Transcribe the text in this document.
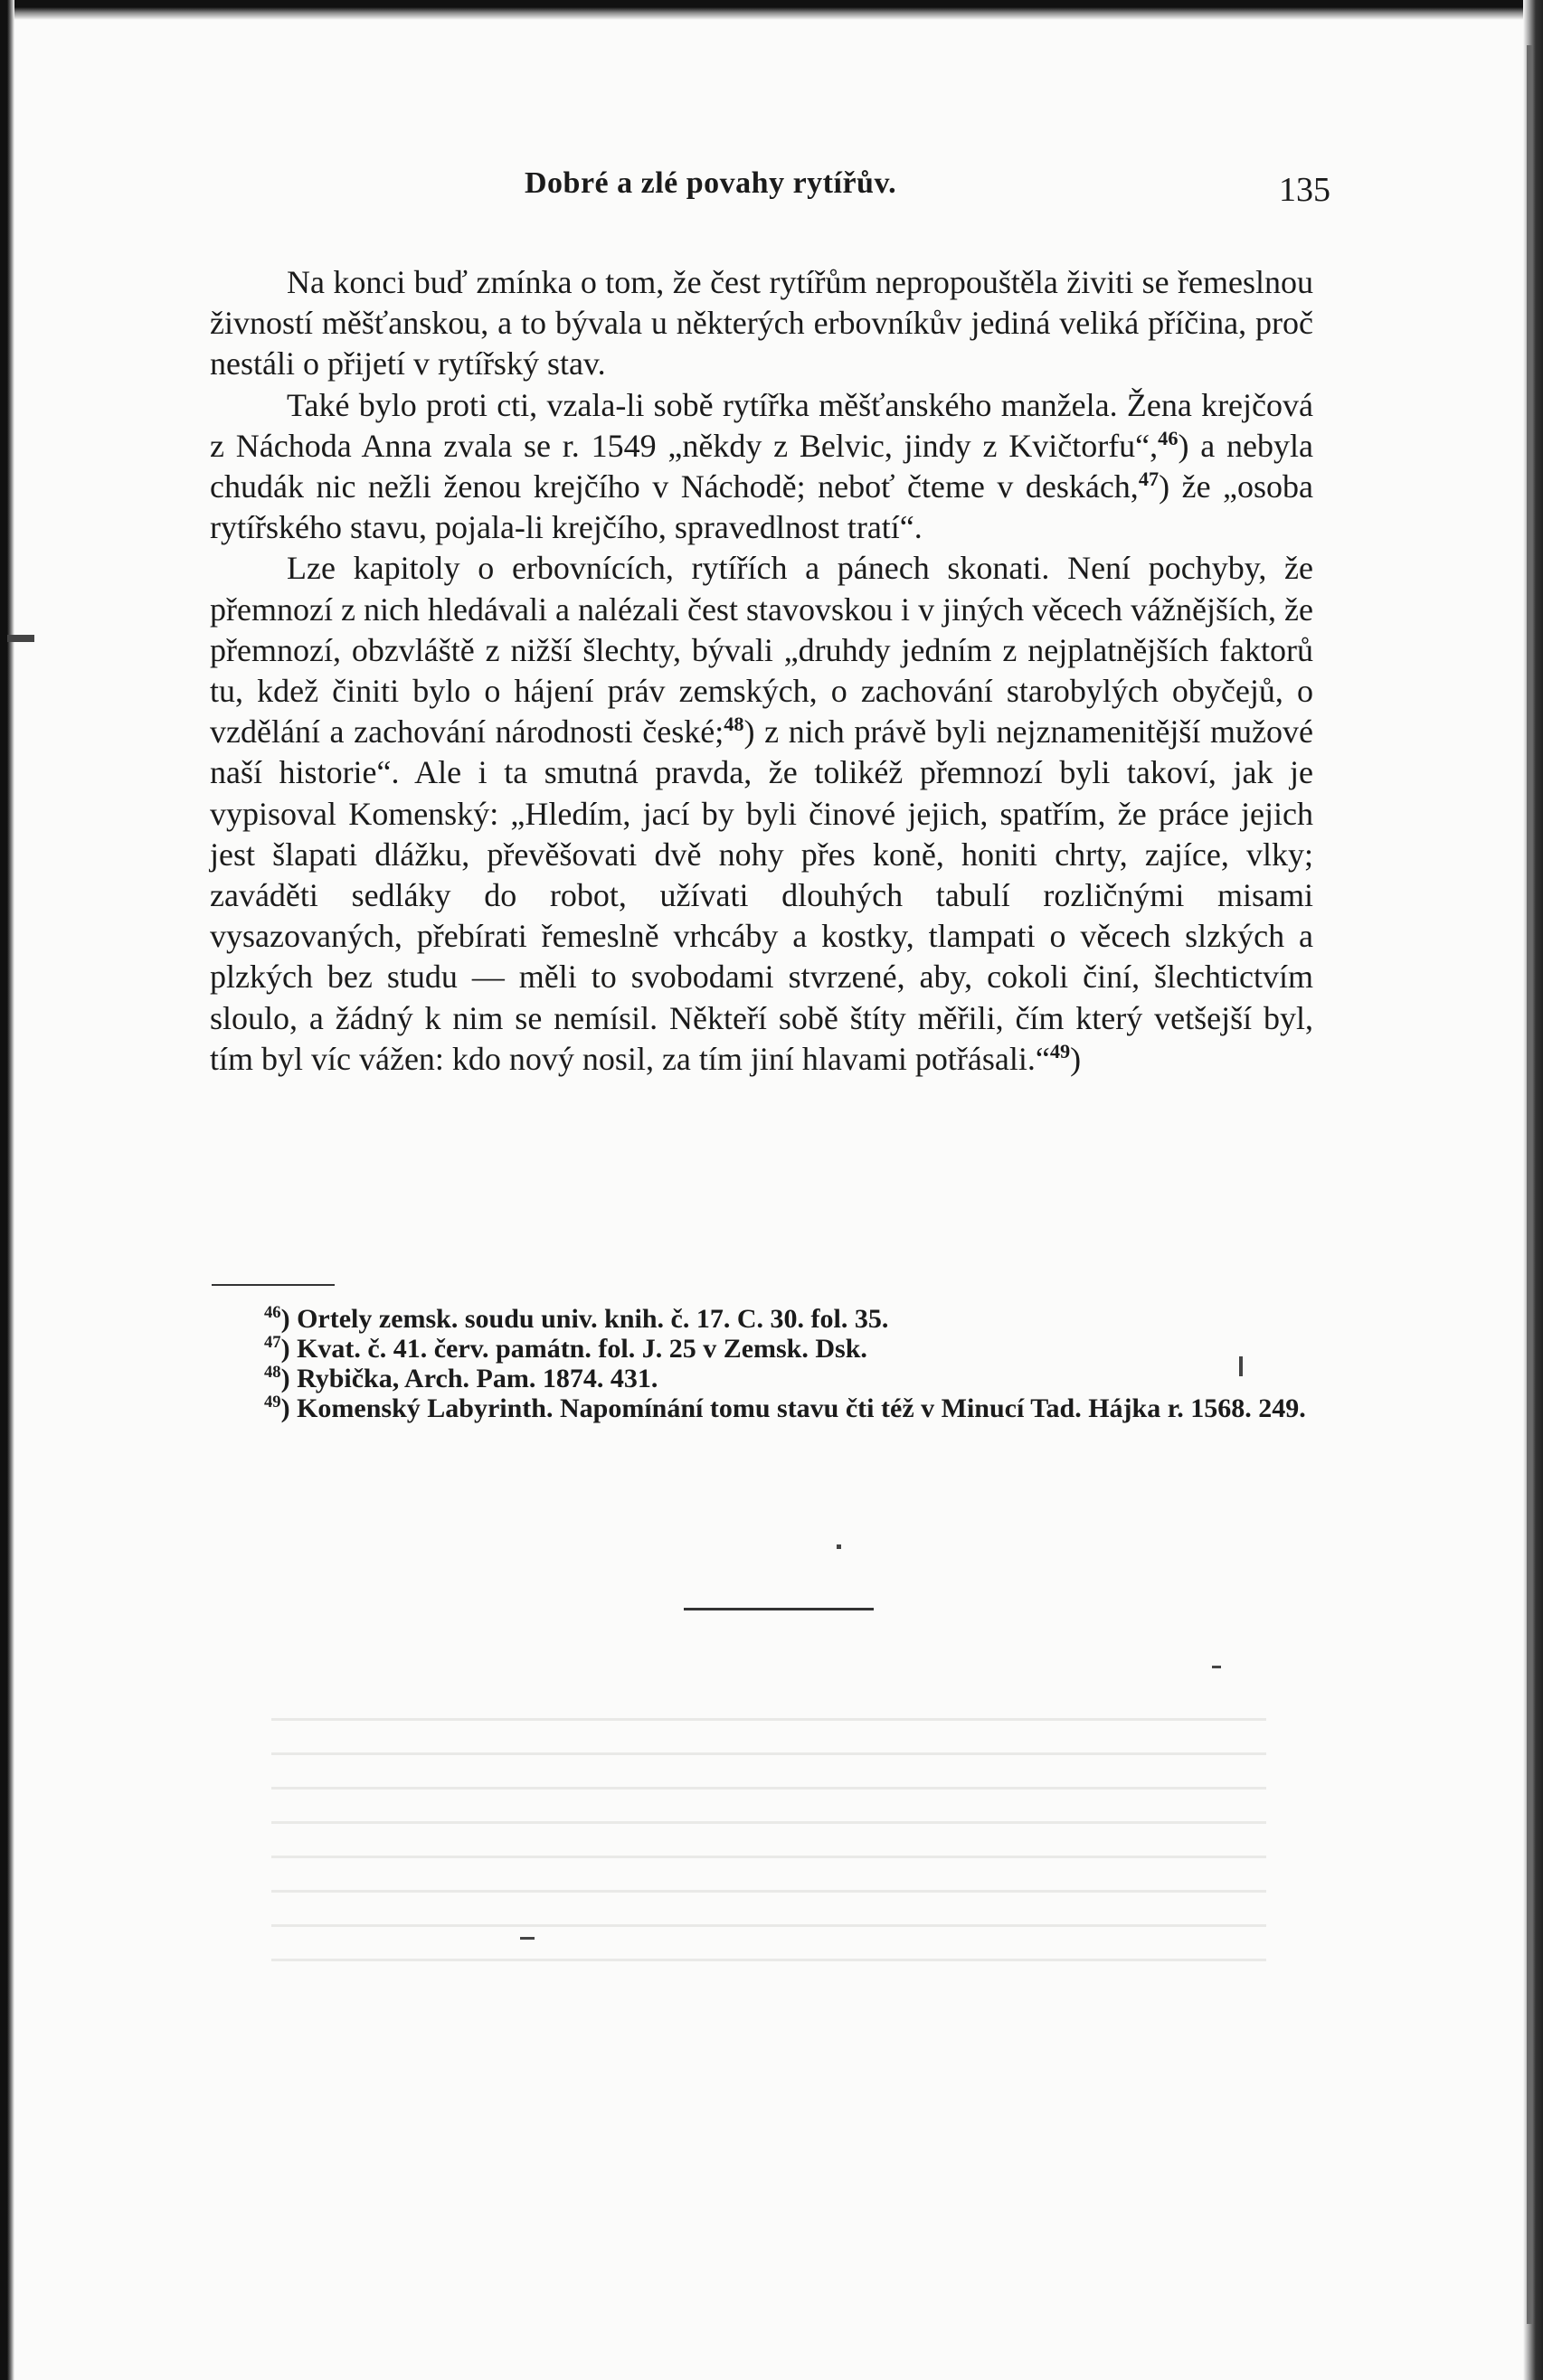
Dobré a zlé povahy rytířův.	135

Na konci buď zmínka o tom, že čest rytířům nepropouštěla živiti se řemeslnou živností měšťanskou, a to bývala u některých erbovníkův jediná veliká příčina, proč nestáli o přijetí v rytířský stav.

Také bylo proti cti, vzala-li sobě rytířka měšťanského manžela. Žena krejčová z Náchoda Anna zvala se r. 1549 „někdy z Belvic, jindy z Kvičtorfu“,$^{46}$) a nebyla chudák nic nežli ženou krejčího v Náchodě; neboť čteme v deskách,$^{47}$) že „osoba rytířského stavu, pojala-li krejčího, spravedlnost tratí“.

Lze kapitoly o erbovnících, rytířích a pánech skonati. Není pochyby, že přemnozí z nich hledávali a nalézali čest stavovskou i v jiných věcech vážnějších, že přemnozí, obzvláště z nižší šlechty, bývali „druhdy jedním z nejplatnějších faktorů tu, kdež činiti bylo o hájení práv zemských, o zachování starobylých obyčejů, o vzdělání a zachování národnosti české;$^{48}$) z nich právě byli nejznamenitější mužové naší historie“. Ale i ta smutná pravda, že tolikéž přemnozí byli takoví, jak je vypisoval Komenský: „Hledím, jací by byli činové jejich, spatřím, že práce jejich jest šlapati dlážku, převěšovati dvě nohy přes koně, honiti chrty, zajíce, vlky; zaváděti sedláky do robot, užívati dlouhých tabulí rozličnými misami vysazovaných, přebírati řemeslně vrhcáby a kostky, tlampati o věcech slzkých a plzkých bez studu — měli to svobodami stvrzené, aby, cokoli činí, šlechtictvím sloulo, a žádný k nim se nemísil. Někteří sobě štíty měřili, čím který vetšejší byl, tím byl víc vážen: kdo nový nosil, za tím jiní hlavami potřásali.“$^{49}$)

$^{46}$) Ortely zemsk. soudu univ. knih. č. 17. C. 30. fol. 35.

$^{47}$) Kvat. č. 41. červ. památn. fol. J. 25 v Zemsk. Dsk.

$^{48}$) Rybička, Arch. Pam. 1874. 431.

$^{49}$) Komenský Labyrinth. Napomínání tomu stavu čti též v Minucí Tad. Hájka r. 1568. 249.
